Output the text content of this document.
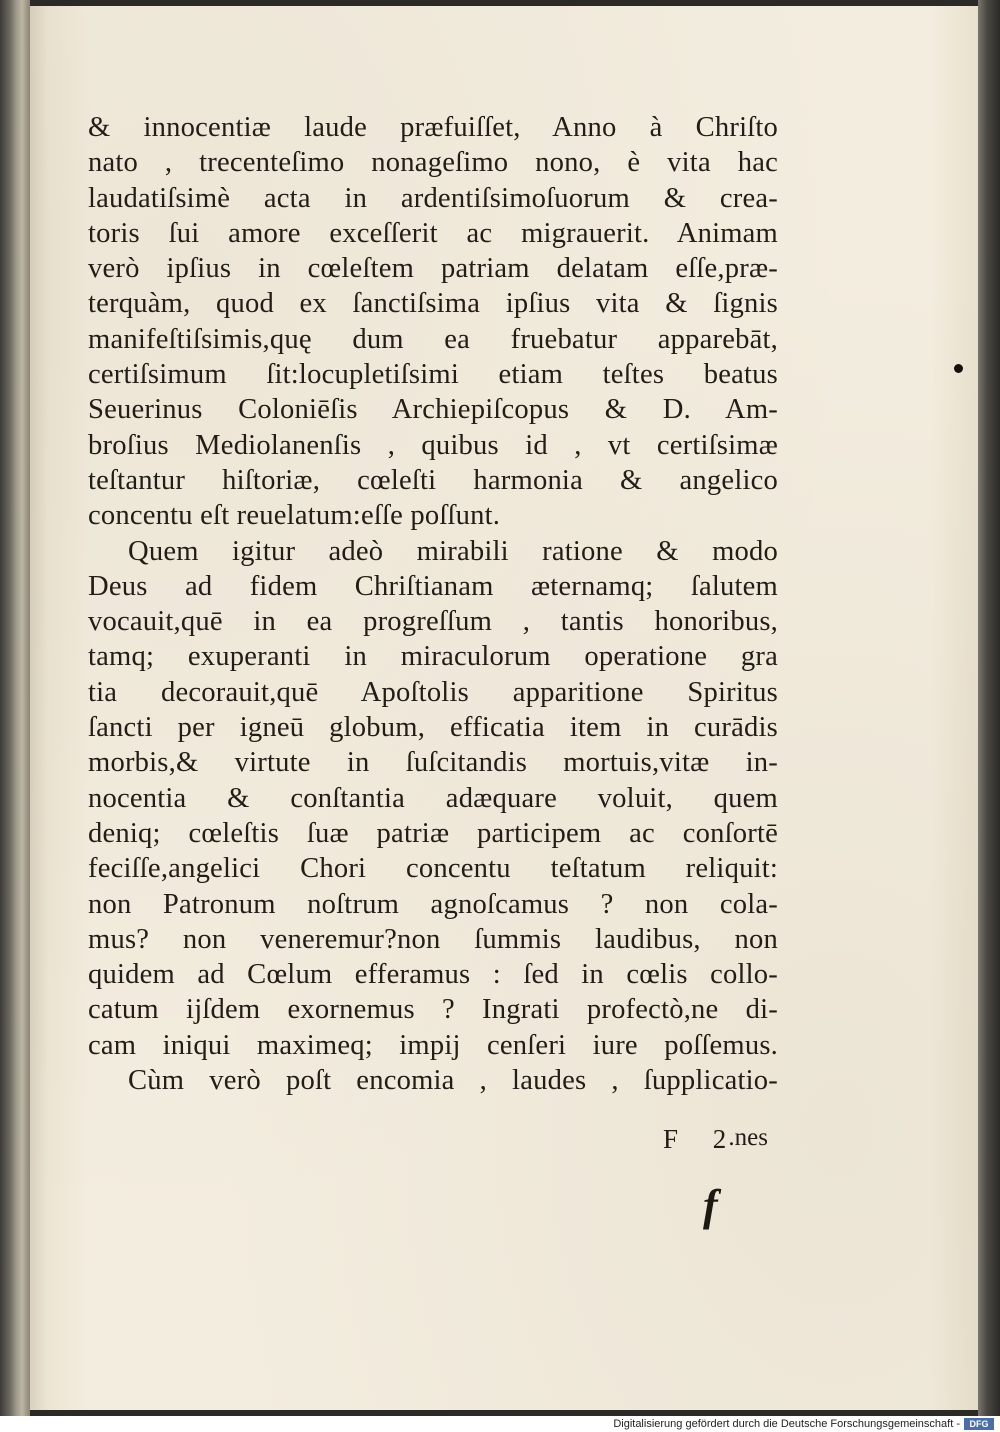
& innocentiæ laude præfuiſſet, Anno à Chriſto
nato , trecenteſimo nonageſimo nono, è vita hac
laudatiſsimè acta in ardentiſsimoſuorum & crea-
toris ſui amore exceſſerit ac migrauerit. Animam
verò ipſius in cœleſtem patriam delatam eſſe,præ-
terquàm, quod ex ſanctiſsima ipſius vita & ſignis
manifeſtiſsimis,quę dum ea fruebatur apparebāt,
certiſsimum ſit:locupletiſsimi etiam teſtes beatus
Seuerinus Coloniēſis Archiepiſcopus & D. Am-
broſius Mediolanenſis , quibus id , vt certiſsimæ
teſtantur hiſtoriæ, cœleſti harmonia & angelico
concentu eſt reuelatum:eſſe poſſunt.
Quem igitur adeò mirabili ratione & modo
Deus ad fidem Chriſtianam æternamq; ſalutem
vocauit,quē in ea progreſſum , tantis honoribus,
tamq; exuperanti in miraculorum operatione gra
tia decorauit,quē Apoſtolis apparitione Spiritus
ſancti per igneū globum, efficatia item in curādis
morbis,& virtute in ſuſcitandis mortuis,vitæ in-
nocentia & conſtantia adæquare voluit, quem
deniq; cœleſtis ſuæ patriæ participem ac conſortē
feciſſe,angelici Chori concentu teſtatum reliquit:
non Patronum noſtrum agnoſcamus ? non cola-
mus? non veneremur?non ſummis laudibus, non
quidem ad Cœlum efferamus : ſed in cœlis collo-
catum ijſdem exornemus ? Ingrati profectò,ne di-
cam iniqui maximeq; impij cenſeri iure poſſemus.
Cùm verò poſt encomia , laudes , ſupplicatio-
F 2
.nes
f
Digitalisierung gefördert durch die Deutsche Forschungsgemeinschaft -	DFG
